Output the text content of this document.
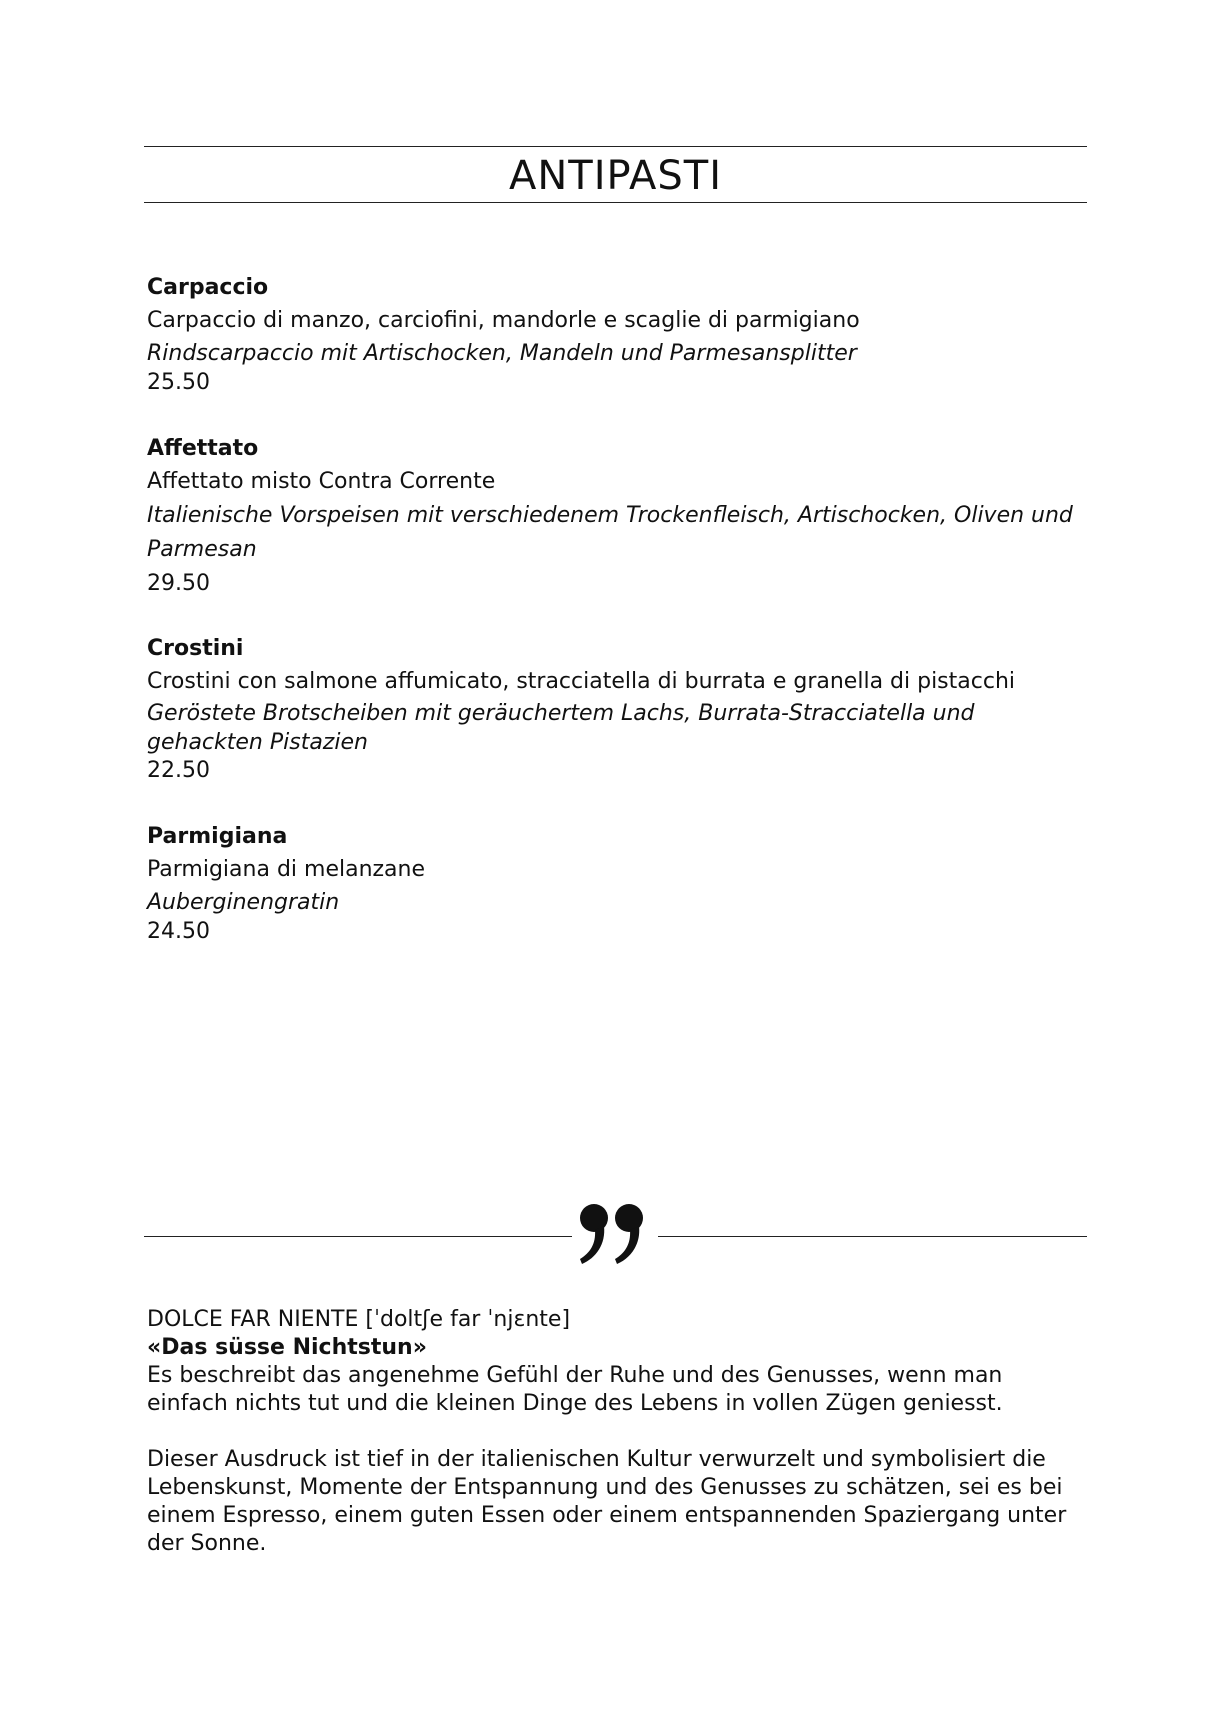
ANTIPASTI
Carpaccio
Carpaccio di manzo, carciofini, mandorle e scaglie di parmigiano
Rindscarpaccio mit Artischocken, Mandeln und Parmesansplitter
25.50
Affettato
Affettato misto Contra Corrente
Italienische Vorspeisen mit verschiedenem Trockenfleisch, Artischocken, Oliven und Parmesan
29.50
Crostini
Crostini con salmone affumicato, stracciatella di burrata e granella di pistacchi
Geröstete Brotscheiben mit geräuchertem Lachs, Burrata-Stracciatella und gehackten Pistazien
22.50
Parmigiana
Parmigiana di melanzane
Auberginengratin
24.50

DOLCE FAR NIENTE [ˈdoltʃe far ˈnjɛnte]

«Das süsse Nichtstun»

Es beschreibt das angenehme Gefühl der Ruhe und des Genusses, wenn man einfach nichts tut und die kleinen Dinge des Lebens in vollen Zügen geniesst.

Dieser Ausdruck ist tief in der italienischen Kultur verwurzelt und symbolisiert die Lebenskunst, Momente der Entspannung und des Genusses zu schätzen, sei es bei einem Espresso, einem guten Essen oder einem entspannenden Spaziergang unter der Sonne.
